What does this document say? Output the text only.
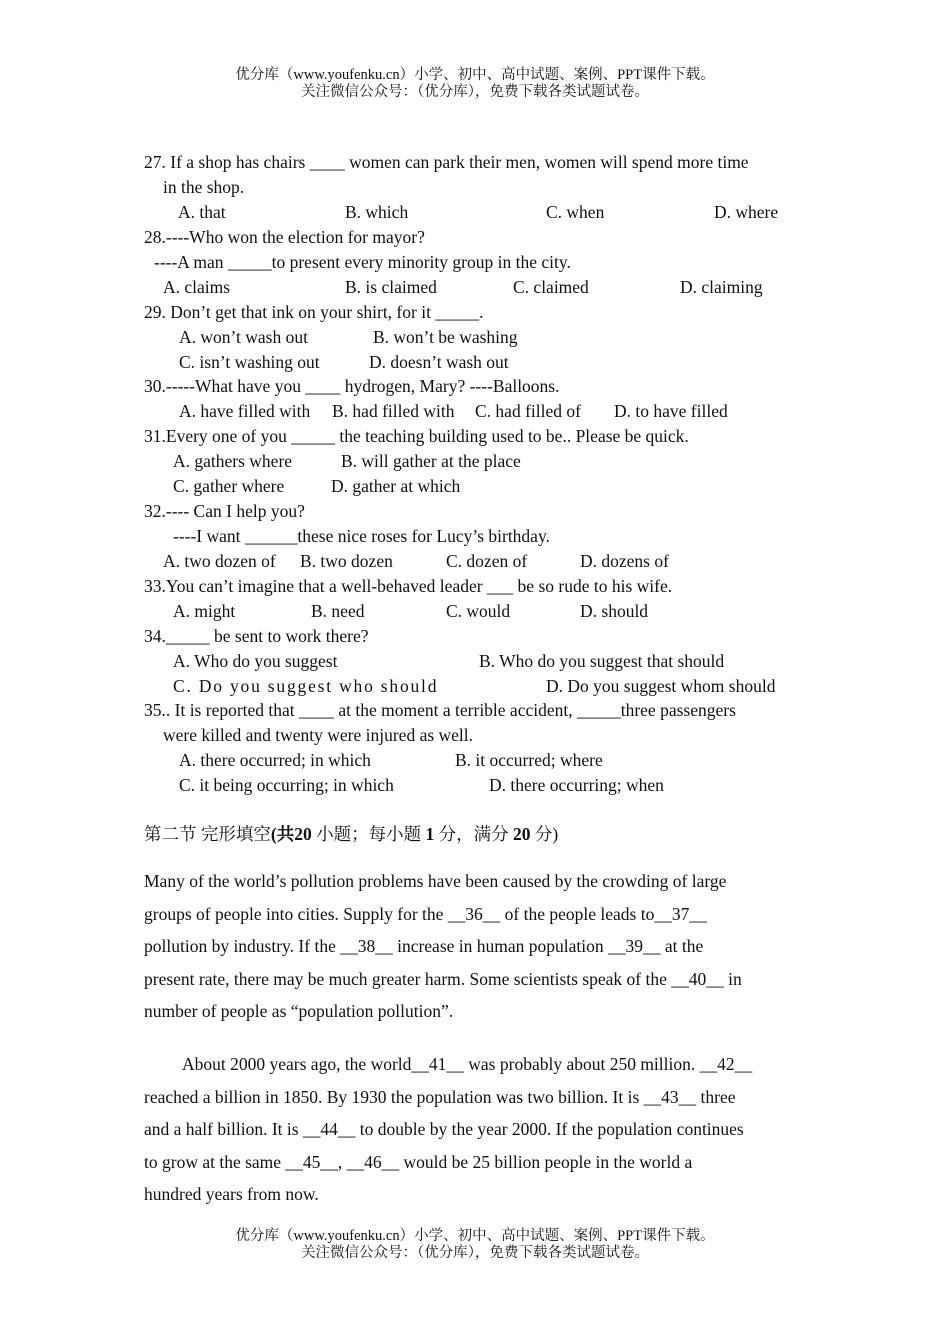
优分库（www.youfenku.cn）小学、初中、高中试题、案例、PPT课件下载。
关注微信公众号：（优分库），免费下载各类试题试卷。
27. If a shop has chairs ____ women can park their men, women will spend more time
in the shop.
A. that	B. which	C. when	D. where
28.----Who won the election for mayor?
----A man _____to present every minority group in the city.
A. claims	B. is claimed	C. claimed	D. claiming
29. Don’t get that ink on your shirt, for it _____.
A. won’t wash out	B. won’t be washing
C. isn’t washing out	D. doesn’t wash out
30.-----What have you ____ hydrogen, Mary? ----Balloons.
A. have filled with B. had filled with C. had filled of D. to have filled
31.Every one of you _____ the teaching building used to be.. Please be quick.
A. gathers where	B. will gather at the place
C. gather where	D. gather at which
32.---- Can I help you?
----I want ______these nice roses for Lucy’s birthday.
A. two dozen of B. two dozen	C. dozen of	D. dozens of
33.You can’t imagine that a well-behaved leader ___ be so rude to his wife.
A. might	B. need	C. would	D. should
34._____ be sent to work there?
A. Who do you suggest	B. Who do you suggest that should
C. Do you suggest who should	D. Do you suggest whom should
35.. It is reported that ____ at the moment a terrible accident, _____three passengers
were killed and twenty were injured as well.
A. there occurred; in which	B. it occurred; where
C. it being occurring; in which	D. there occurring; when
第二节 完形填空(共20 小题；每小题 1 分，满分 20 分)
Many of the world’s pollution problems have been caused by the crowding of large
groups of people into cities. Supply for the __36__ of the people leads to__37__
pollution by industry. If the __38__ increase in human population __39__ at the
present rate, there may be much greater harm. Some scientists speak of the __40__ in
number of people as “population pollution”.
About 2000 years ago, the world__41__ was probably about 250 million. __42__
reached a billion in 1850. By 1930 the population was two billion. It is __43__ three
and a half billion. It is __44__ to double by the year 2000. If the population continues
to grow at the same __45__, __46__ would be 25 billion people in the world a
hundred years from now.
优分库（www.youfenku.cn）小学、初中、高中试题、案例、PPT课件下载。
关注微信公众号：（优分库），免费下载各类试题试卷。
